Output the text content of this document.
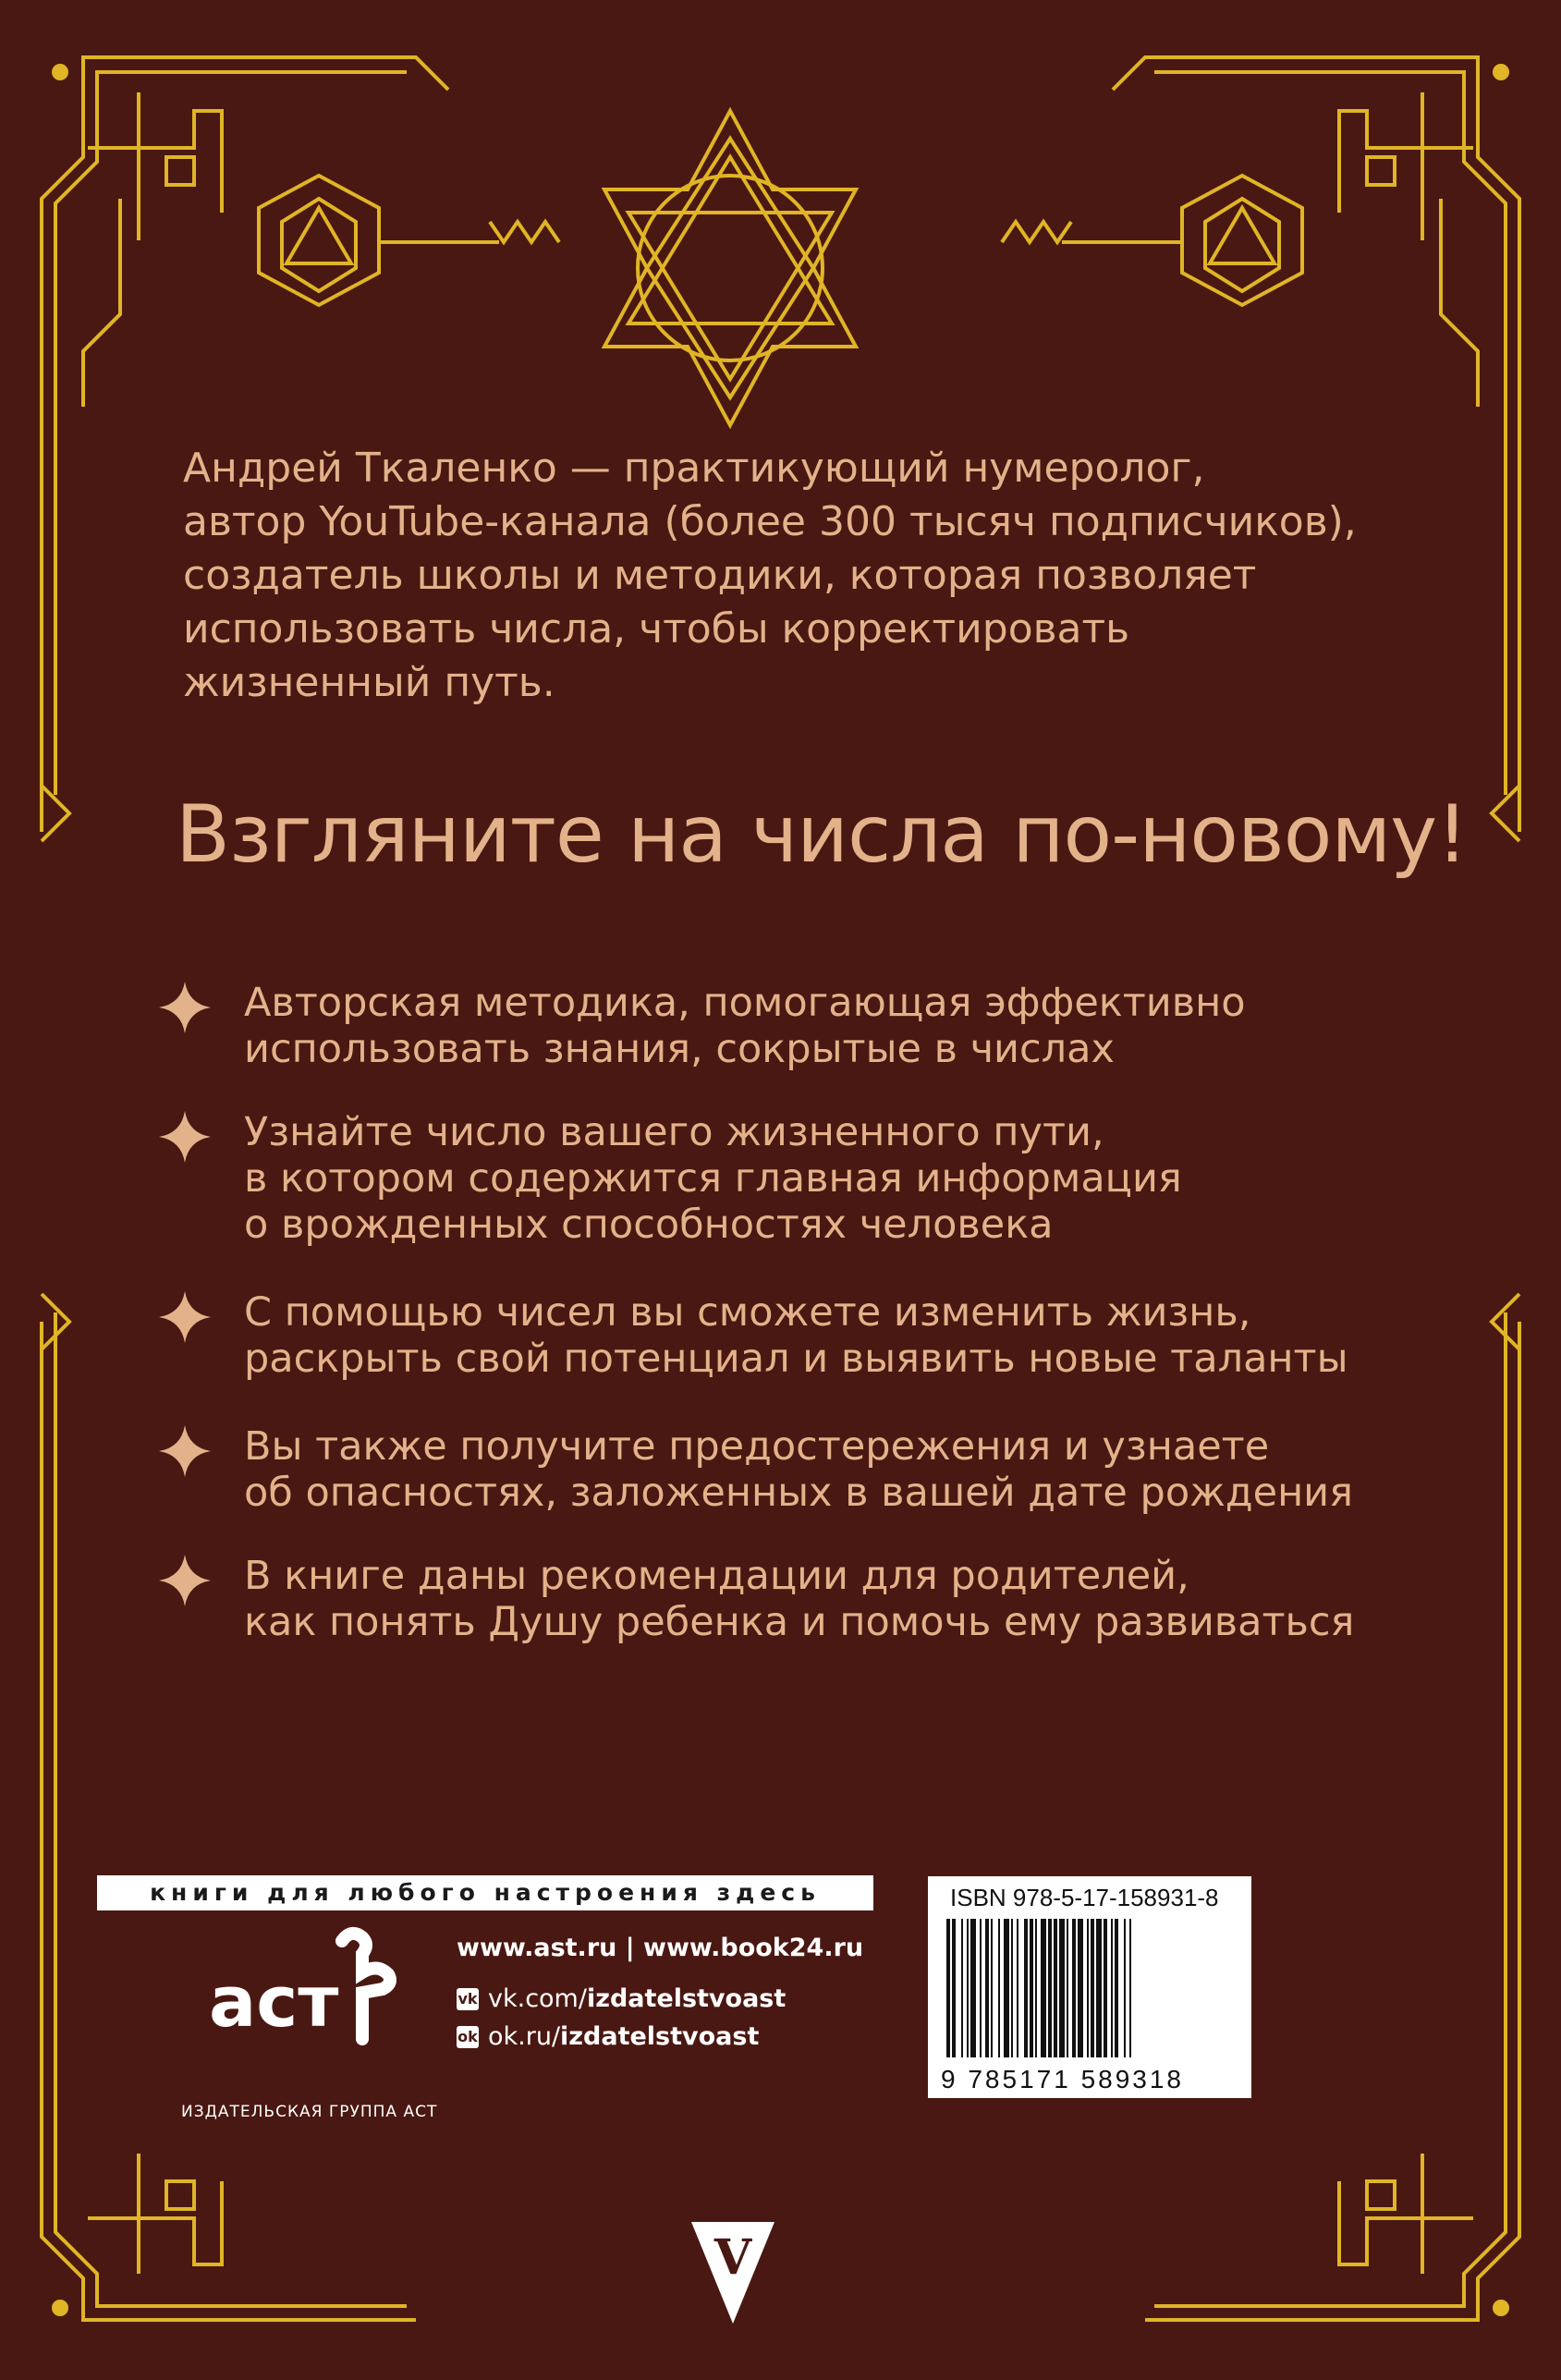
Андрей Ткаленко — практикующий нумеролог,
автор YouTube-канала (более 300 тысяч подписчиков),
создатель школы и методики, которая позволяет
использовать числа, чтобы корректировать
жизненный путь.
Взгляните на числа по-новому!
Авторская методика, помогающая эффективно
использовать знания, сокрытые в числах
Узнайте число вашего жизненного пути,
в котором содержится главная информация
о врожденных способностях человека
С помощью чисел вы сможете изменить жизнь,
раскрыть свой потенциал и выявить новые таланты
Вы также получите предостережения и узнаете
об опасностях, заложенных в вашей дате рождения
В книге даны рекомендации для родителей,
как понять Душу ребенка и помочь ему развиваться
книги для любого настроения здесь
aст
ИЗДАТЕЛЬСКАЯ ГРУППА АСТ
www.ast.ru | www.book24.ru
vk vk.com/ izdatelstvoast
ok ok.ru/ izdatelstvoast
ISBN 978-5-17-158931-8
9 785171 589318
V
